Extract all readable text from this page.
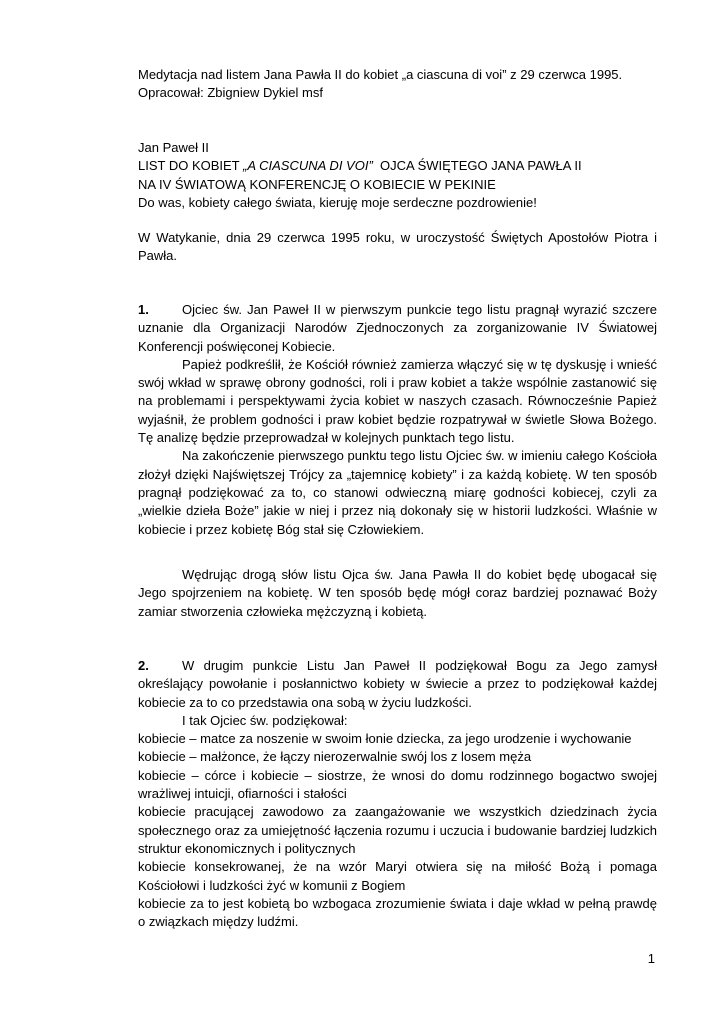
Medytacja nad listem Jana Pawła II do kobiet „a ciascuna di voi” z 29 czerwca 1995.
Opracował: Zbigniew Dykiel msf
Jan Paweł II
LIST DO KOBIET „A CIASCUNA DI VOI”  OJCA ŚWIĘTEGO JANA PAWŁA II
NA IV ŚWIATOWĄ KONFERENCJĘ O KOBIECIE W PEKINIE
Do was, kobiety całego świata, kieruję moje serdeczne pozdrowienie!

W Watykanie, dnia 29 czerwca 1995 roku, w uroczystość Świętych Apostołów Piotra i Pawła.

1.	Ojciec św. Jan Paweł II w pierwszym punkcie tego listu pragnął wyrazić szczere uznanie dla Organizacji Narodów Zjednoczonych za zorganizowanie IV Światowej Konferencji poświęconej Kobiecie.

Papież podkreślił, że Kościół również zamierza włączyć się w tę dyskusję i wnieść swój wkład w sprawę obrony godności, roli i praw kobiet a także wspólnie zastanowić się na problemami i perspektywami życia kobiet w naszych czasach. Równocześnie Papież wyjaśnił, że problem godności i praw kobiet będzie rozpatrywał w świetle Słowa Bożego. Tę analizę będzie przeprowadzał w kolejnych punktach tego listu.

Na zakończenie pierwszego punktu tego listu Ojciec św. w imieniu całego Kościoła złożył dzięki Najświętszej Trójcy za „tajemnicę kobiety” i za każdą kobietę. W ten sposób pragnął podziękować za to, co stanowi odwieczną miarę godności kobiecej, czyli za „wielkie dzieła Boże” jakie w niej i przez nią dokonały się w historii ludzkości. Właśnie w kobiecie i przez kobietę Bóg stał się Człowiekiem.

Wędrując drogą słów listu Ojca św. Jana Pawła II do kobiet będę ubogacał się Jego spojrzeniem na kobietę. W ten sposób będę mógł coraz bardziej poznawać Boży zamiar stworzenia człowieka mężczyzną i kobietą.

2.	W drugim punkcie Listu Jan Paweł II podziękował Bogu za Jego zamysł określający powołanie i posłannictwo kobiety w świecie a przez to podziękował każdej kobiecie za to co przedstawia ona sobą w życiu ludzkości.

I tak Ojciec św. podziękował:

kobiecie – matce za noszenie w swoim łonie dziecka, za jego urodzenie i wychowanie

kobiecie – małżonce, że łączy nierozerwalnie swój los z losem męża

kobiecie – córce i kobiecie – siostrze, że wnosi do domu rodzinnego bogactwo swojej wrażliwej intuicji, ofiarności i stałości

kobiecie pracującej zawodowo za zaangażowanie we wszystkich dziedzinach życia społecznego oraz za umiejętność łączenia rozumu i uczucia i budowanie bardziej ludzkich struktur ekonomicznych i politycznych

kobiecie konsekrowanej, że na wzór Maryi otwiera się na miłość Bożą i pomaga Kościołowi i ludzkości żyć w komunii z Bogiem

kobiecie za to jest kobietą bo wzbogaca zrozumienie świata i daje wkład w pełną prawdę o związkach między ludźmi.

1
